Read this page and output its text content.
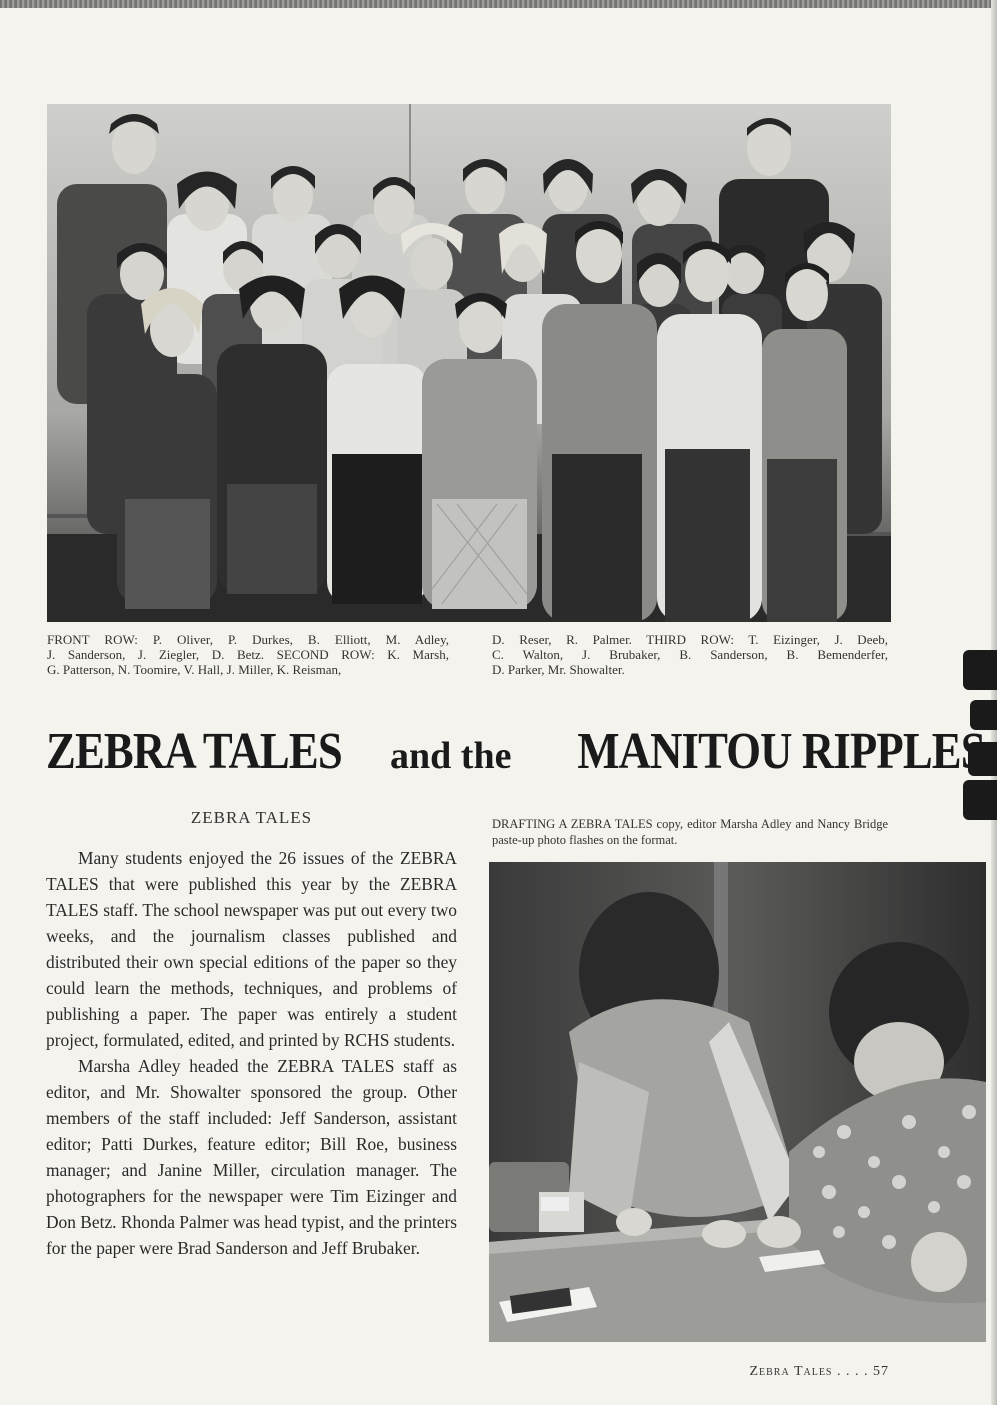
FRONT ROW: P. Oliver, P. Durkes, B. Elliott, M. Adley,
J. Sanderson, J. Ziegler, D. Betz. SECOND ROW: K. Marsh,
G. Patterson, N. Toomire, V. Hall, J. Miller, K. Reisman,
D. Reser, R. Palmer. THIRD ROW: T. Eizinger, J. Deeb,
C. Walton, J. Brubaker, B. Sanderson, B. Bemenderfer,
D. Parker, Mr. Showalter.
ZEBRA TALES and the MANITOU RIPPLES
ZEBRA TALES

Many students enjoyed the 26 issues of the ZEBRA TALES that were published this year by the ZEBRA TALES staff. The school newspaper was put out every two weeks, and the journalism classes published and distributed their own special editions of the paper so they could learn the methods, techniques, and problems of publishing a paper. The paper was entirely a student project, formulated, edited, and printed by RCHS students.

Marsha Adley headed the ZEBRA TALES staff as editor, and Mr. Showalter sponsored the group. Other members of the staff included: Jeff Sanderson, assistant editor; Patti Durkes, feature editor; Bill Roe, business manager; and Janine Miller, circulation manager. The photographers for the newspaper were Tim Eizinger and Don Betz. Rhonda Palmer was head typist, and the printers for the paper were Brad Sanderson and Jeff Brubaker.

DRAFTING A ZEBRA TALES copy, editor Marsha Adley and Nancy Bridge paste-up photo flashes on the format.
Zebra Tales . . . . 57
